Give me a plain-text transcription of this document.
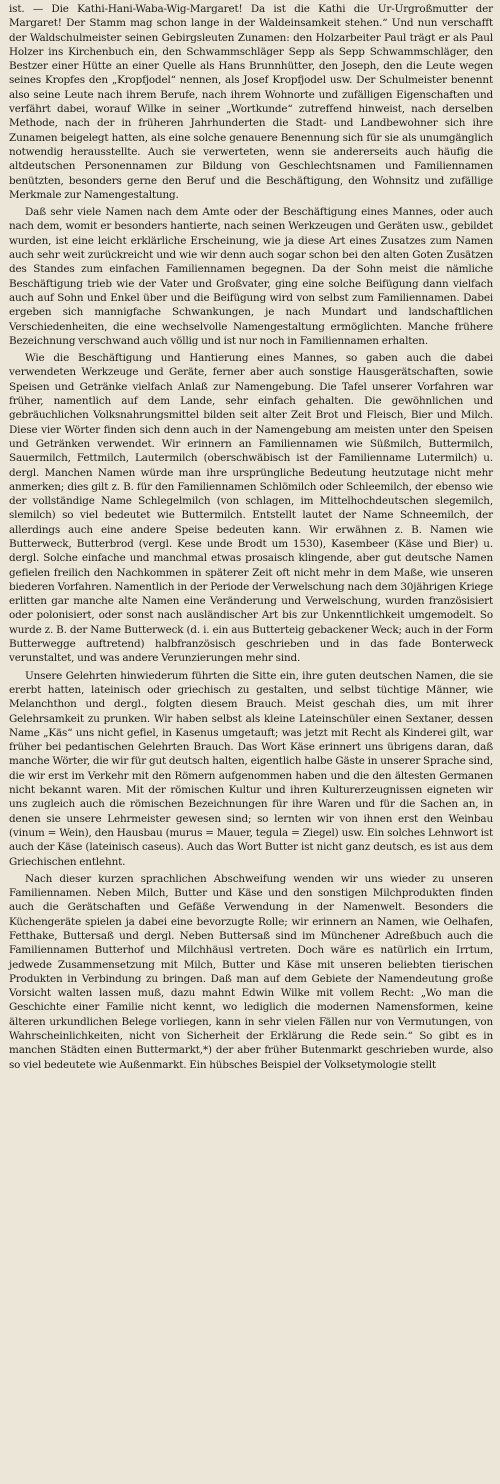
ist. — Die Kathi-Hani-Waba-Wig-Margaret! Da ist die Kathi die Ur-Urgroßmutter der Margaret! Der Stamm mag schon lange in der Waldeinsamkeit stehen.“ Und nun verschafft der Waldschulmeister seinen Gebirgsleuten Zunamen: den Holzarbeiter Paul trägt er als Paul Holzer ins Kirchenbuch ein, den Schwammschläger Sepp als Sepp Schwammschläger, den Bestzer einer Hütte an einer Quelle als Hans Brunnhütter, den Joseph, den die Leute wegen seines Kropfes den „Kropfjodel“ nennen, als Josef Kropfjodel usw. Der Schulmeister benennt also seine Leute nach ihrem Berufe, nach ihrem Wohnorte und zufälligen Eigenschaften und verfährt dabei, worauf Wilke in seiner „Wortkunde“ zutreffend hinweist, nach derselben Methode, nach der in früheren Jahrhunderten die Stadt- und Landbewohner sich ihre Zunamen beigelegt hatten, als eine solche genauere Benennung sich für sie als unumgänglich notwendig herausstellte. Auch sie verwerteten, wenn sie andererseits auch häufig die altdeutschen Personennamen zur Bildung von Geschlechtsnamen und Familiennamen benützten, besonders gerne den Beruf und die Beschäftigung, den Wohnsitz und zufällige Merkmale zur Namengestaltung.

Daß sehr viele Namen nach dem Amte oder der Beschäftigung eines Mannes, oder auch nach dem, womit er besonders hantierte, nach seinen Werkzeugen und Geräten usw., gebildet wurden, ist eine leicht erklärliche Erscheinung, wie ja diese Art eines Zusatzes zum Namen auch sehr weit zurückreicht und wie wir denn auch sogar schon bei den alten Goten Zusätzen des Standes zum einfachen Familiennamen begegnen. Da der Sohn meist die nämliche Beschäftigung trieb wie der Vater und Großvater, ging eine solche Beifügung dann vielfach auch auf Sohn und Enkel über und die Beifügung wird von selbst zum Familiennamen. Dabei ergeben sich mannigfache Schwankungen, je nach Mundart und landschaftlichen Verschiedenheiten, die eine wechselvolle Namengestaltung ermöglichten. Manche frühere Bezeichnung verschwand auch völlig und ist nur noch in Familiennamen erhalten.

Wie die Beschäftigung und Hantierung eines Mannes, so gaben auch die dabei verwendeten Werkzeuge und Geräte, ferner aber auch sonstige Hausgerätschaften, sowie Speisen und Getränke vielfach Anlaß zur Namengebung. Die Tafel unserer Vorfahren war früher, namentlich auf dem Lande, sehr einfach gehalten. Die gewöhnlichen und gebräuchlichen Volksnahrungsmittel bilden seit alter Zeit Brot und Fleisch, Bier und Milch. Diese vier Wörter finden sich denn auch in der Namengebung am meisten unter den Speisen und Getränken verwendet. Wir erinnern an Familiennamen wie Süßmilch, Buttermilch, Sauermilch, Fettmilch, Lautermilch (oberschwäbisch ist der Familienname Lutermilch) u. dergl. Manchen Namen würde man ihre ursprüngliche Bedeutung heutzutage nicht mehr anmerken; dies gilt z. B. für den Familiennamen Schlömilch oder Schleemilch, der ebenso wie der vollständige Name Schlegelmilch (von schlagen, im Mittelhochdeutschen slegemilch, slemilch) so viel bedeutet wie Buttermilch. Entstellt lautet der Name Schneemilch, der allerdings auch eine andere Speise bedeuten kann. Wir erwähnen z. B. Namen wie Butterweck, Butterbrod (vergl. Kese unde Brodt um 1530), Kasembeer (Käse und Bier) u. dergl. Solche einfache und manchmal etwas prosaisch klingende, aber gut deutsche Namen gefielen freilich den Nachkommen in späterer Zeit oft nicht mehr in dem Maße, wie unseren biederen Vorfahren. Namentlich in der Periode der Verwelschung nach dem 30jährigen Kriege erlitten gar manche alte Namen eine Veränderung und Verwelschung, wurden französisiert oder polonisiert, oder sonst nach ausländischer Art bis zur Unkenntlichkeit umgemodelt. So wurde z. B. der Name Butterweck (d. i. ein aus Butterteig gebackener Weck; auch in der Form Butterwegge auftretend) halbfranzösisch geschrieben und in das fade Bonterweck verunstaltet, und was andere Verunzierungen mehr sind.

Unsere Gelehrten hinwiederum führten die Sitte ein, ihre guten deutschen Namen, die sie ererbt hatten, lateinisch oder griechisch zu gestalten, und selbst tüchtige Männer, wie Melanchthon und dergl., folgten diesem Brauch. Meist geschah dies, um mit ihrer Gelehrsamkeit zu prunken. Wir haben selbst als kleine Lateinschüler einen Sextaner, dessen Name „Käs“ uns nicht gefiel, in Kasenus umgetauft; was jetzt mit Recht als Kinderei gilt, war früher bei pedantischen Gelehrten Brauch. Das Wort Käse erinnert uns übrigens daran, daß manche Wörter, die wir für gut deutsch halten, eigentlich halbe Gäste in unserer Sprache sind, die wir erst im Verkehr mit den Römern aufgenommen haben und die den ältesten Germanen nicht bekannt waren. Mit der römischen Kultur und ihren Kulturerzeugnissen eigneten wir uns zugleich auch die römischen Bezeichnungen für ihre Waren und für die Sachen an, in denen sie unsere Lehrmeister gewesen sind; so lernten wir von ihnen erst den Weinbau (vinum = Wein), den Hausbau (murus = Mauer, tegula = Ziegel) usw. Ein solches Lehnwort ist auch der Käse (lateinisch caseus). Auch das Wort Butter ist nicht ganz deutsch, es ist aus dem Griechischen entlehnt.

Nach dieser kurzen sprachlichen Abschweifung wenden wir uns wieder zu unseren Familiennamen. Neben Milch, Butter und Käse und den sonstigen Milchprodukten finden auch die Gerätschaften und Gefäße Verwendung in der Namenwelt. Besonders die Küchengeräte spielen ja dabei eine bevorzugte Rolle; wir erinnern an Namen, wie Oelhafen, Fetthake, Buttersaß und dergl. Neben Buttersaß sind im Münchener Adreßbuch auch die Familiennamen Butterhof und Milchhäusl vertreten. Doch wäre es natürlich ein Irrtum, jedwede Zusammensetzung mit Milch, Butter und Käse mit unseren beliebten tierischen Produkten in Verbindung zu bringen. Daß man auf dem Gebiete der Namendeutung große Vorsicht walten lassen muß, dazu mahnt Edwin Wilke mit vollem Recht: „Wo man die Geschichte einer Familie nicht kennt, wo lediglich die modernen Namensformen, keine älteren urkundlichen Belege vorliegen, kann in sehr vielen Fällen nur von Vermutungen, von Wahrscheinlichkeiten, nicht von Sicherheit der Erklärung die Rede sein.“ So gibt es in manchen Städten einen Buttermarkt,*) der aber früher Butenmarkt geschrieben wurde, also so viel bedeutete wie Außenmarkt. Ein hübsches Beispiel der Volksetymologie stellt
